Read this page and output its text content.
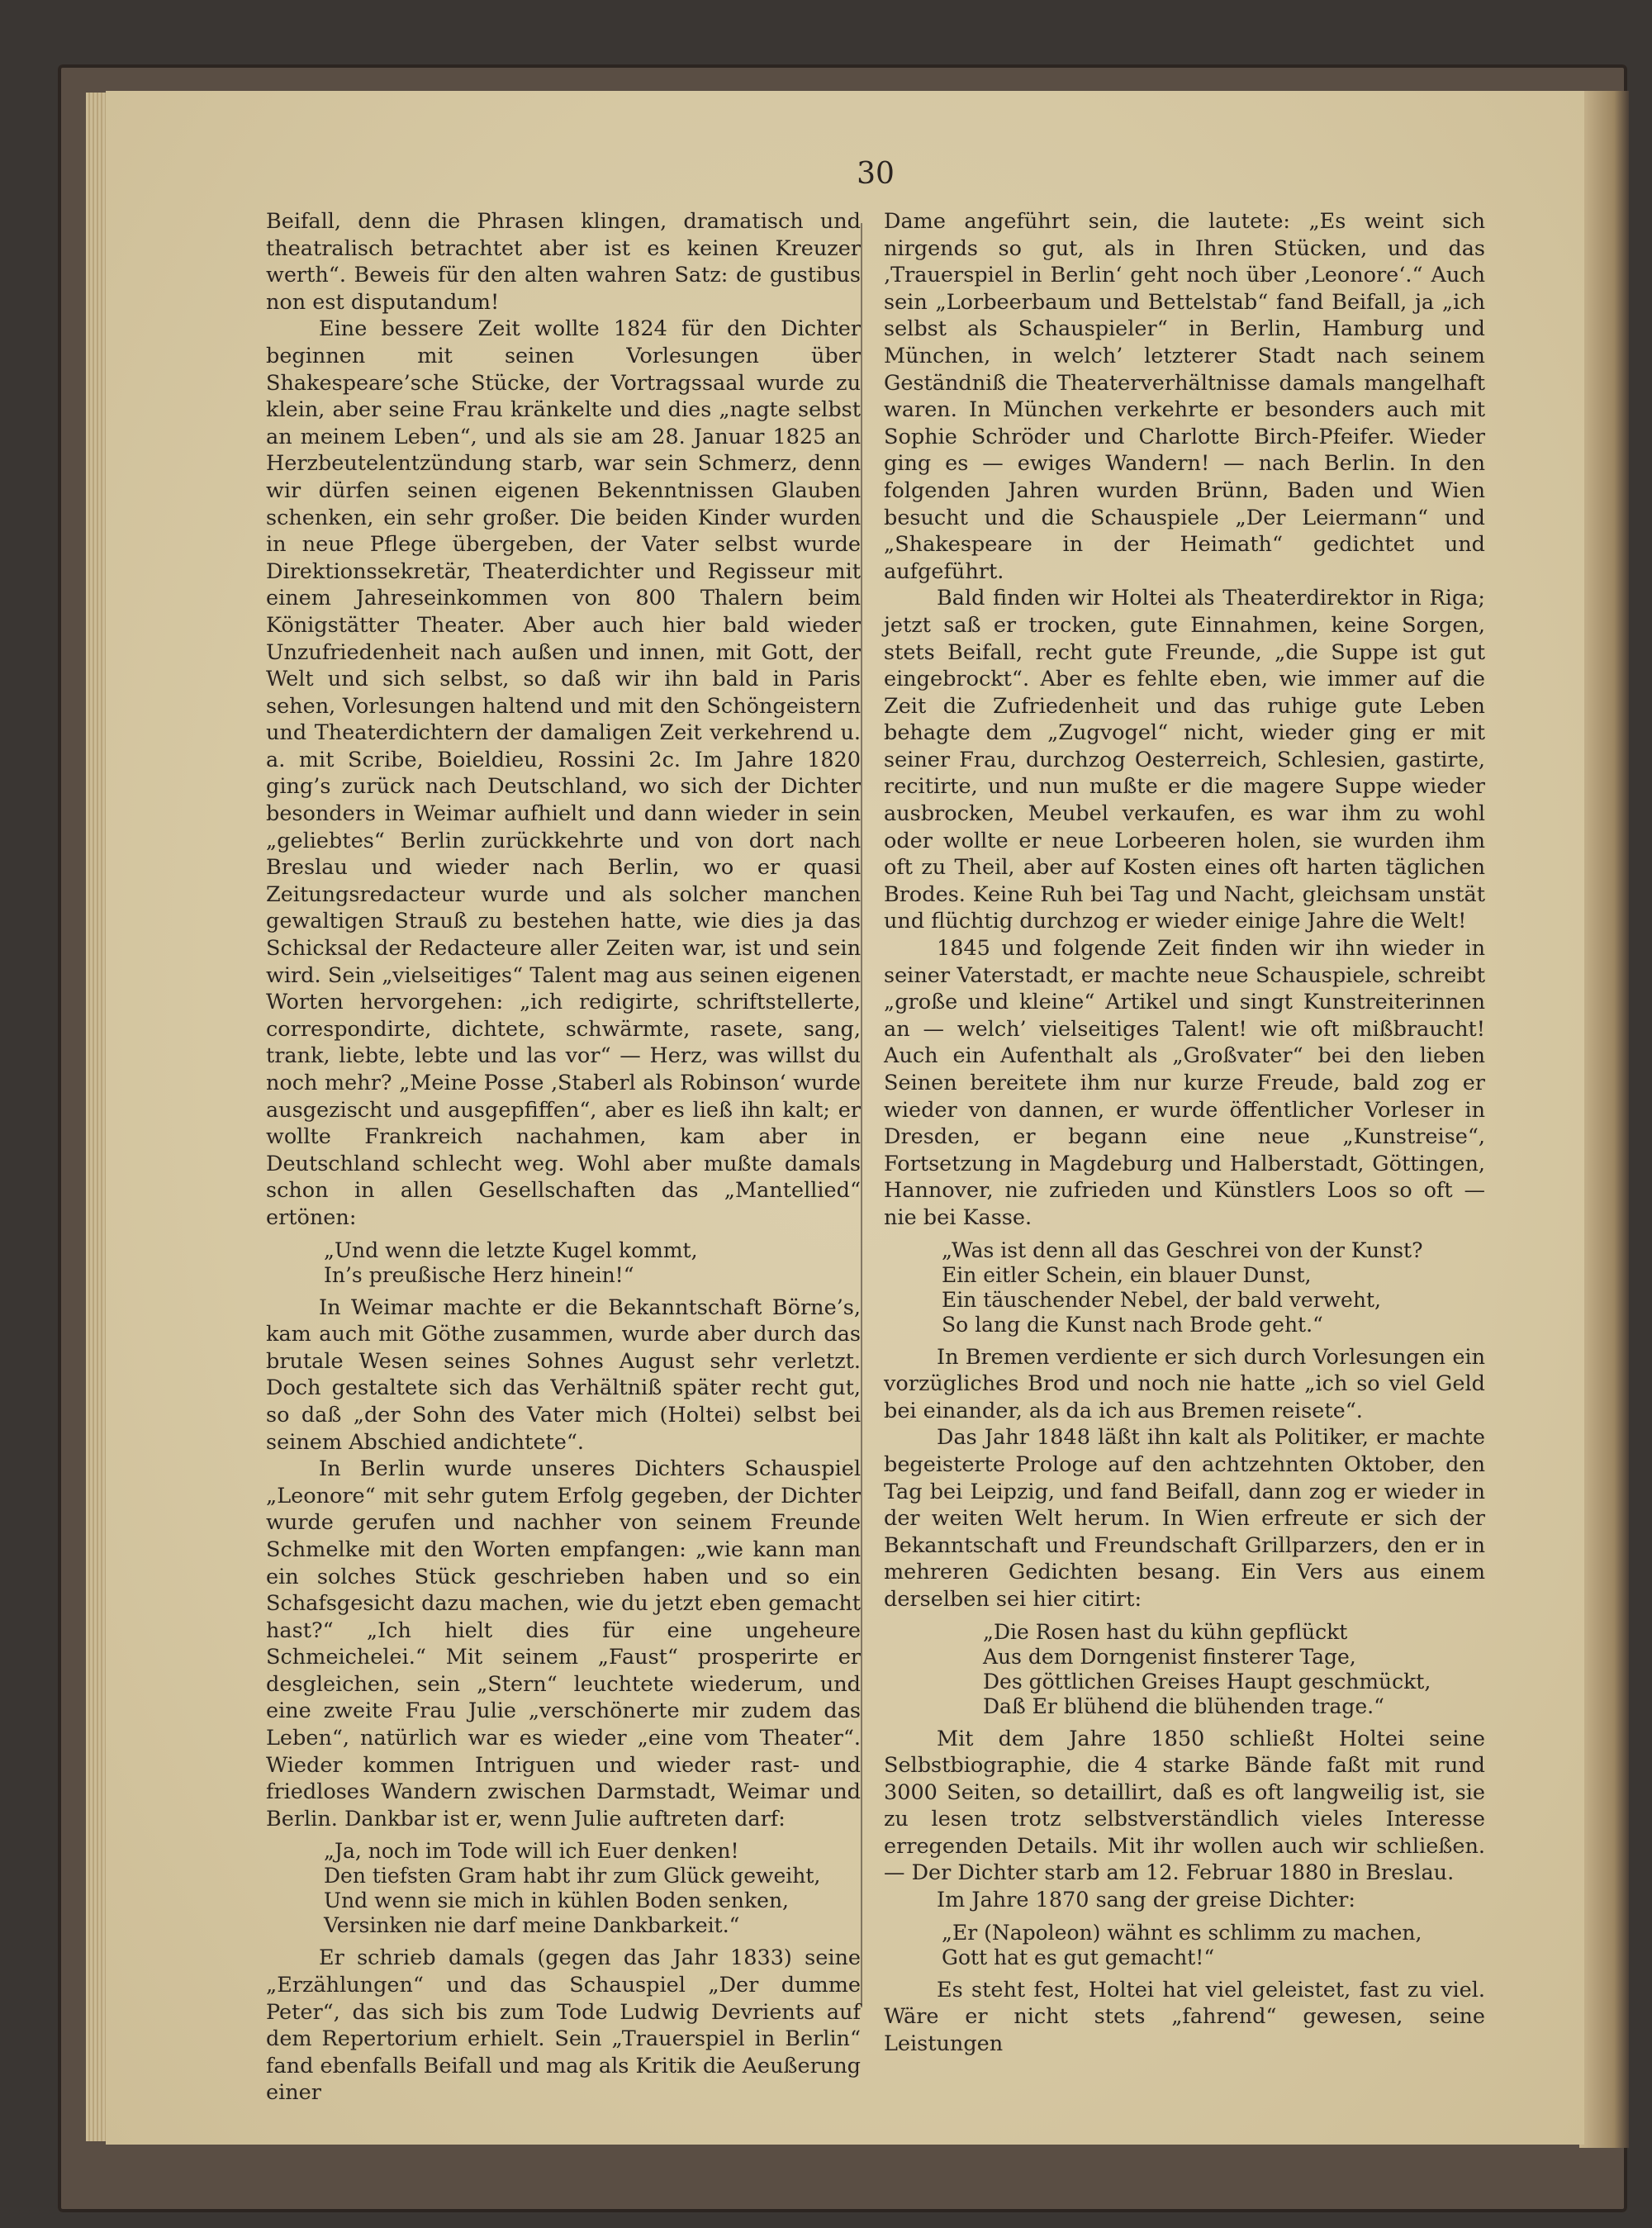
30

Beifall, denn die Phrasen klingen, dramatisch und theatralisch betrachtet aber ist es keinen Kreuzer werth“. Beweis für den alten wahren Satz: de gustibus non est disputandum!

Eine bessere Zeit wollte 1824 für den Dichter beginnen mit seinen Vorlesungen über Shakespeare’sche Stücke, der Vortragssaal wurde zu klein, aber seine Frau kränkelte und dies „nagte selbst an meinem Leben“, und als sie am 28. Januar 1825 an Herzbeutelentzündung starb, war sein Schmerz, denn wir dürfen seinen eigenen Bekenntnissen Glauben schenken, ein sehr großer. Die beiden Kinder wurden in neue Pflege übergeben, der Vater selbst wurde Direktionssekretär, Theaterdichter und Regisseur mit einem Jahreseinkommen von 800 Thalern beim Königstätter Theater. Aber auch hier bald wieder Unzufriedenheit nach außen und innen, mit Gott, der Welt und sich selbst, so daß wir ihn bald in Paris sehen, Vorlesungen haltend und mit den Schöngeistern und Theaterdichtern der damaligen Zeit verkehrend u. a. mit Scribe, Boieldieu, Rossini 2c. Im Jahre 1820 ging’s zurück nach Deutschland, wo sich der Dichter besonders in Weimar aufhielt und dann wieder in sein „geliebtes“ Berlin zurückkehrte und von dort nach Breslau und wieder nach Berlin, wo er quasi Zeitungsredacteur wurde und als solcher manchen gewaltigen Strauß zu bestehen hatte, wie dies ja das Schicksal der Redacteure aller Zeiten war, ist und sein wird. Sein „vielseitiges“ Talent mag aus seinen eigenen Worten hervorgehen: „ich redigirte, schriftstellerte, correspondirte, dichtete, schwärmte, rasete, sang, trank, liebte, lebte und las vor“ — Herz, was willst du noch mehr? „Meine Posse ‚Staberl als Robinson‘ wurde ausgezischt und ausgepfiffen“, aber es ließ ihn kalt; er wollte Frankreich nachahmen, kam aber in Deutschland schlecht weg. Wohl aber mußte damals schon in allen Gesellschaften das „Mantellied“ ertönen:

„Und wenn die letzte Kugel kommt,
In’s preußische Herz hinein!“

In Weimar machte er die Bekanntschaft Börne’s, kam auch mit Göthe zusammen, wurde aber durch das brutale Wesen seines Sohnes August sehr verletzt. Doch gestaltete sich das Verhältniß später recht gut, so daß „der Sohn des Vater mich (Holtei) selbst bei seinem Abschied andichtete“.

In Berlin wurde unseres Dichters Schauspiel „Leonore“ mit sehr gutem Erfolg gegeben, der Dichter wurde gerufen und nachher von seinem Freunde Schmelke mit den Worten empfangen: „wie kann man ein solches Stück geschrieben haben und so ein Schafsgesicht dazu machen, wie du jetzt eben gemacht hast?“ „Ich hielt dies für eine ungeheure Schmeichelei.“ Mit seinem „Faust“ prosperirte er desgleichen, sein „Stern“ leuchtete wiederum, und eine zweite Frau Julie „verschönerte mir zudem das Leben“, natürlich war es wieder „eine vom Theater“. Wieder kommen Intriguen und wieder rast- und friedloses Wandern zwischen Darmstadt, Weimar und Berlin. Dankbar ist er, wenn Julie auftreten darf:

„Ja, noch im Tode will ich Euer denken!
Den tiefsten Gram habt ihr zum Glück geweiht,
Und wenn sie mich in kühlen Boden senken,
Versinken nie darf meine Dankbarkeit.“

Er schrieb damals (gegen das Jahr 1833) seine „Erzählungen“ und das Schauspiel „Der dumme Peter“, das sich bis zum Tode Ludwig Devrients auf dem Repertorium erhielt. Sein „Trauerspiel in Berlin“ fand ebenfalls Beifall und mag als Kritik die Aeußerung einer

Dame angeführt sein, die lautete: „Es weint sich nirgends so gut, als in Ihren Stücken, und das ‚Trauerspiel in Berlin‘ geht noch über ‚Leonore‘.“ Auch sein „Lorbeerbaum und Bettelstab“ fand Beifall, ja „ich selbst als Schauspieler“ in Berlin, Hamburg und München, in welch’ letzterer Stadt nach seinem Geständniß die Theaterverhältnisse damals mangelhaft waren. In München verkehrte er besonders auch mit Sophie Schröder und Charlotte Birch-Pfeifer. Wieder ging es — ewiges Wandern! — nach Berlin. In den folgenden Jahren wurden Brünn, Baden und Wien besucht und die Schauspiele „Der Leiermann“ und „Shakespeare in der Heimath“ gedichtet und aufgeführt.

Bald finden wir Holtei als Theaterdirektor in Riga; jetzt saß er trocken, gute Einnahmen, keine Sorgen, stets Beifall, recht gute Freunde, „die Suppe ist gut eingebrockt“. Aber es fehlte eben, wie immer auf die Zeit die Zufriedenheit und das ruhige gute Leben behagte dem „Zugvogel“ nicht, wieder ging er mit seiner Frau, durchzog Oesterreich, Schlesien, gastirte, recitirte, und nun mußte er die magere Suppe wieder ausbrocken, Meubel verkaufen, es war ihm zu wohl oder wollte er neue Lorbeeren holen, sie wurden ihm oft zu Theil, aber auf Kosten eines oft harten täglichen Brodes. Keine Ruh bei Tag und Nacht, gleichsam unstät und flüchtig durchzog er wieder einige Jahre die Welt!

1845 und folgende Zeit finden wir ihn wieder in seiner Vaterstadt, er machte neue Schauspiele, schreibt „große und kleine“ Artikel und singt Kunstreiterinnen an — welch’ vielseitiges Talent! wie oft mißbraucht! Auch ein Aufenthalt als „Großvater“ bei den lieben Seinen bereitete ihm nur kurze Freude, bald zog er wieder von dannen, er wurde öffentlicher Vorleser in Dresden, er begann eine neue „Kunstreise“, Fortsetzung in Magdeburg und Halberstadt, Göttingen, Hannover, nie zufrieden und Künstlers Loos so oft — nie bei Kasse.

„Was ist denn all das Geschrei von der Kunst?
Ein eitler Schein, ein blauer Dunst,
Ein täuschender Nebel, der bald verweht,
So lang die Kunst nach Brode geht.“

In Bremen verdiente er sich durch Vorlesungen ein vorzügliches Brod und noch nie hatte „ich so viel Geld bei einander, als da ich aus Bremen reisete“.

Das Jahr 1848 läßt ihn kalt als Politiker, er machte begeisterte Prologe auf den achtzehnten Oktober, den Tag bei Leipzig, und fand Beifall, dann zog er wieder in der weiten Welt herum. In Wien erfreute er sich der Bekanntschaft und Freundschaft Grillparzers, den er in mehreren Gedichten besang. Ein Vers aus einem derselben sei hier citirt:

„Die Rosen hast du kühn gepflückt
Aus dem Dorngenist finsterer Tage,
Des göttlichen Greises Haupt geschmückt,
Daß Er blühend die blühenden trage.“

Mit dem Jahre 1850 schließt Holtei seine Selbstbiographie, die 4 starke Bände faßt mit rund 3000 Seiten, so detaillirt, daß es oft langweilig ist, sie zu lesen trotz selbstverständlich vieles Interesse erregenden Details. Mit ihr wollen auch wir schließen. — Der Dichter starb am 12. Februar 1880 in Breslau.

Im Jahre 1870 sang der greise Dichter:

„Er (Napoleon) wähnt es schlimm zu machen,
Gott hat es gut gemacht!“

Es steht fest, Holtei hat viel geleistet, fast zu viel. Wäre er nicht stets „fahrend“ gewesen, seine Leistungen
